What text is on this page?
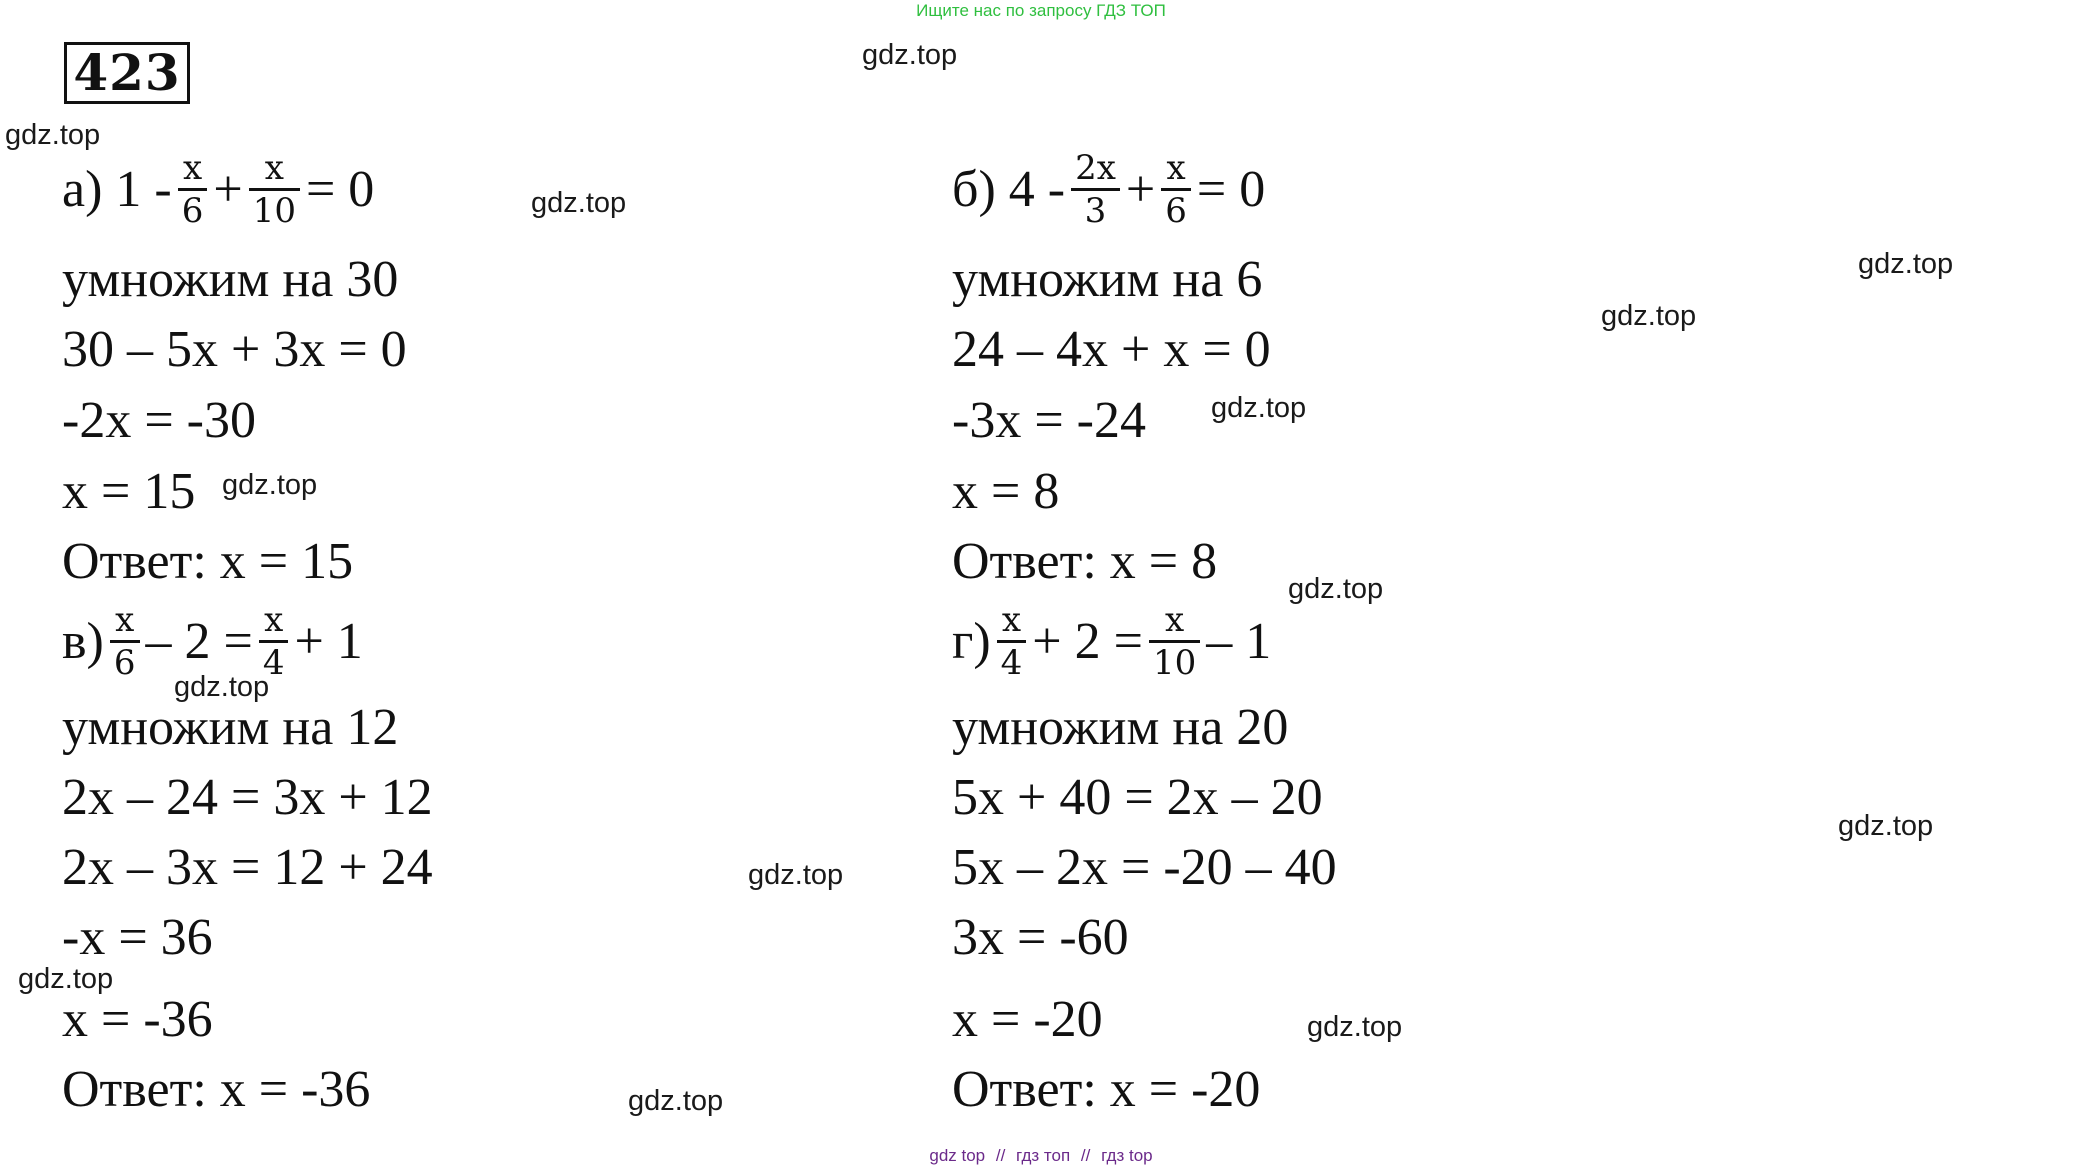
Ищите нас по запросу ГДЗ ТОП
423
а) $1 - \frac{x}{6} + \frac{x}{10} = 0$
умножим на 30
30 – 5x + 3x = 0
-2x = -30
x = 15
Ответ: x = 15
б) $4 - \frac{2x}{3} + \frac{x}{6} = 0$
умножим на 6
24 – 4x + x = 0
-3x = -24
x = 8
Ответ: x = 8
$в) \frac{x}{6} - 2 = \frac{x}{4} + 1$
умножим на 12
2x – 24 = 3x + 12
2x – 3x = 12 + 24
-x = 36
x = -36
Ответ: x = -36
$г) \frac{x}{4} + 2 = \frac{x}{10} - 1$
умножим на 20
5x + 40 = 2x – 20
5x – 2x = -20 – 40
3x = -60
x = -20
Ответ: x = -20
gdz.top
gdz.top
gdz.top
gdz.top
gdz.top
gdz.top
gdz.top
gdz.top
gdz.top
gdz.top
gdz.top
gdz.top
gdz.top
gdz.top
gdz top // гдз топ // гдз top
